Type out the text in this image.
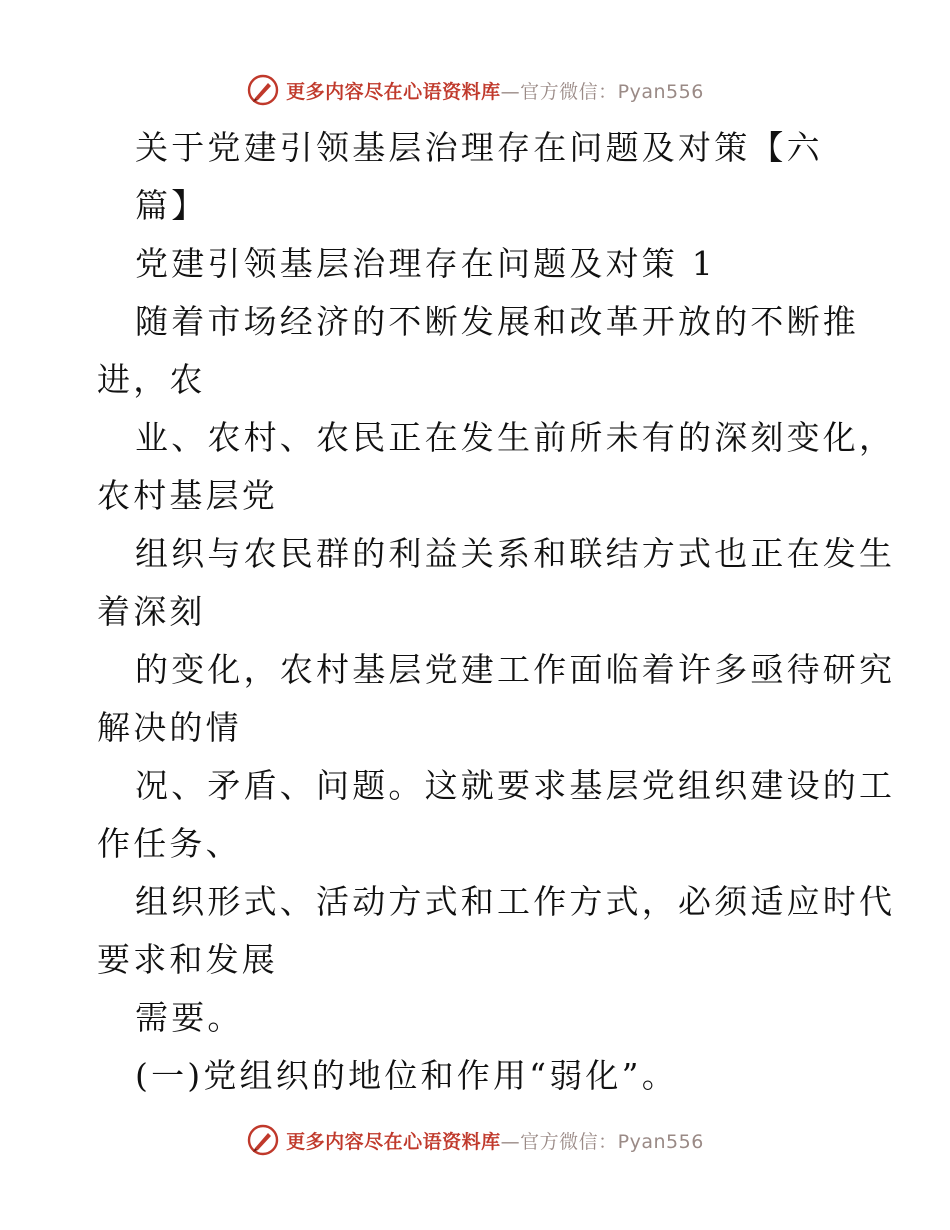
更多内容尽在心语资料库—官方微信：Pyan556
关于党建引领基层治理存在问题及对策【六
篇】
党建引领基层治理存在问题及对策 1
随着市场经济的不断发展和改革开放的不断推
进，农
业、农村、农民正在发生前所未有的深刻变化，
农村基层党
组织与农民群的利益关系和联结方式也正在发生
着深刻
的变化，农村基层党建工作面临着许多亟待研究
解决的情
况、矛盾、问题。这就要求基层党组织建设的工
作任务、
组织形式、活动方式和工作方式，必须适应时代
要求和发展
需要。
(一)党组织的地位和作用“弱化”。
更多内容尽在心语资料库—官方微信：Pyan556
